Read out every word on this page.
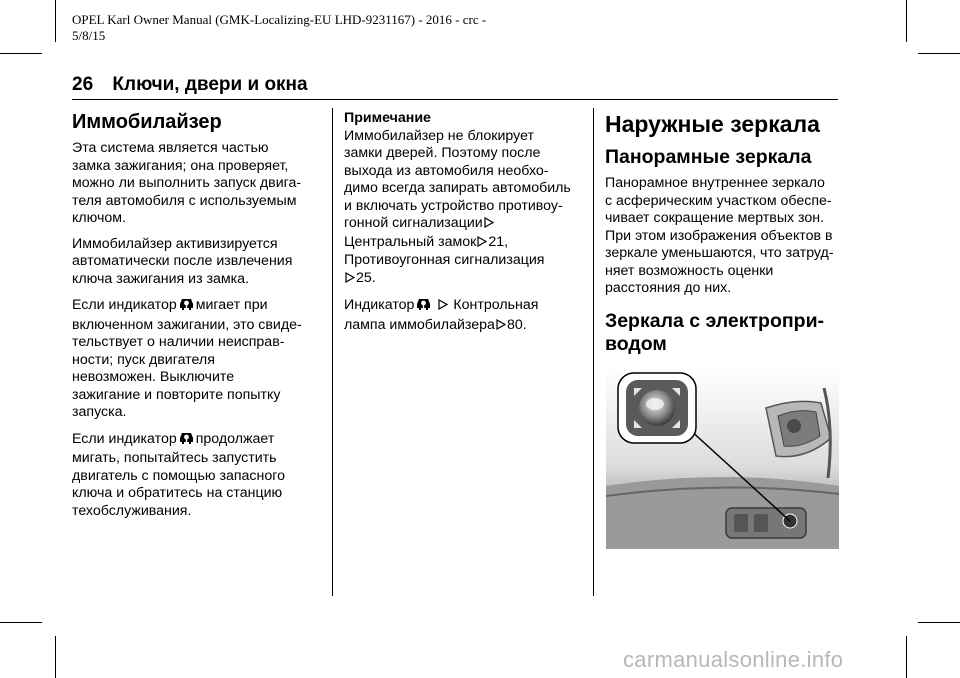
OPEL Karl Owner Manual (GMK-Localizing-EU LHD-9231167) - 2016 - crc -
5/8/15
26 Ключи, двери и окна
Иммобилайзер

Эта система является частью
замка зажигания; она проверяет,
можно ли выполнить запуск двига-
теля автомобиля с используемым
ключом.

Иммобилайзер активизируется
автоматически после извлечения
ключа зажигания из замка.

Если индикатор мигает при
включенном зажигании, это свиде-
тельствует о наличии неисправ-
ности; пуск двигателя
невозможен. Выключите
зажигание и повторите попытку
запуска.

Если индикатор продолжает
мигать, попытайтесь запустить
двигатель с помощью запасного
ключа и обратитесь на станцию
техобслуживания.

Примечание

Иммобилайзер не блокирует
замки дверей. Поэтому после
выхода из автомобиля необхо-
димо всегда запирать автомобиль
и включать устройство противоу-
гонной сигнализации
Центральный замок 21,
Противоугонная сигнализация
25.

Индикатор	Контрольная
лампа иммобилайзера 80.

Наружные зеркала
Панорамные зеркала

Панорамное внутреннее зеркало
с асферическим участком обеспе-
чивает сокращение мертвых зон.
При этом изображения объектов в
зеркале уменьшаются, что затруд-
няет возможность оценки
расстояния до них.

Зеркала с электропри-
водом
carmanualsonline.info
